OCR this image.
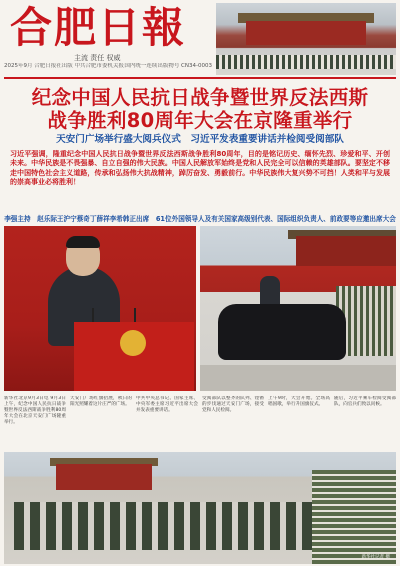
合肥日報
主流 责任 权威
2025年9月 合肥日报社出版 中共合肥市委机关报 国内统一连续出版物号 CN34-0003
纪念中国人民抗日战争暨世界反法西斯
战争胜利80周年大会在京隆重举行
天安门广场举行盛大阅兵仪式　习近平发表重要讲话并检阅受阅部队
习近平强调，隆重纪念中国人民抗日战争暨世界反法西斯战争胜利80周年，目的是铭记历史、缅怀先烈、珍爱和平、开创未来。中华民族是不畏强暴、自立自强的伟大民族。中国人民解放军始终是党和人民完全可以信赖的英雄部队。要坚定不移走中国特色社会主义道路，传承和弘扬伟大抗战精神，踔厉奋发、勇毅前行。中华民族伟大复兴势不可挡！人类和平与发展的崇高事业必将胜利！
李强主持　赵乐际王沪宁蔡奇丁薛祥李希韩正出席　61位外国领导人及有关国家高级别代表、国际组织负责人、前政要等应邀出席大会
新华社北京9月3日电 9月3日上午，纪念中国人民抗日战争暨世界反法西斯战争胜利80周年大会在北京天安门广场隆重举行。
天安门广场红旗招展，秋日的阳光照耀着这片庄严的广场。
中共中央总书记、国家主席、中央军委主席习近平出席大会并发表重要讲话。
受阅部队以整齐的队列、铿锵的步伐通过天安门广场，接受党和人民检阅。
上午9时，大会开始。全场高唱国歌，举行升国旗仪式。
随后，习近平乘车检阅受阅部队，向官兵们致以问候。
新华社记者 摄
